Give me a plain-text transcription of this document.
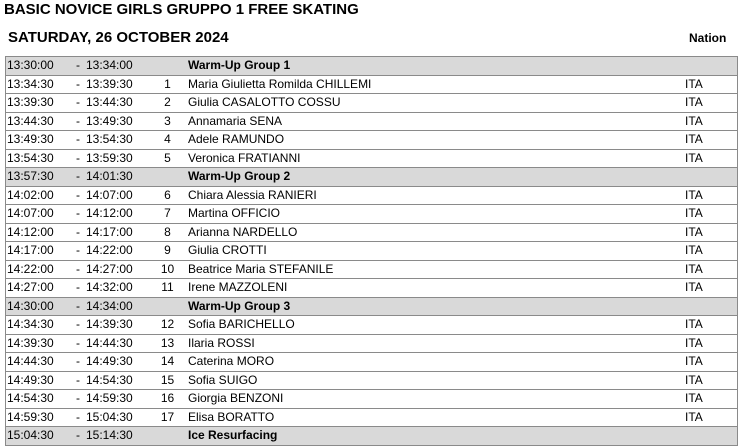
BASIC NOVICE GIRLS GRUPPO 1 FREE SKATING
SATURDAY, 26 OCTOBER 2024	Nation
13:30:00	-	13:34:00		Warm-Up Group 1	
13:34:30	-	13:39:30	1	Maria Giulietta Romilda CHILLEMI	ITA
13:39:30	-	13:44:30	2	Giulia CASALOTTO COSSU	ITA
13:44:30	-	13:49:30	3	Annamaria SENA	ITA
13:49:30	-	13:54:30	4	Adele RAMUNDO	ITA
13:54:30	-	13:59:30	5	Veronica FRATIANNI	ITA
13:57:30	-	14:01:30		Warm-Up Group 2	
14:02:00	-	14:07:00	6	Chiara Alessia RANIERI	ITA
14:07:00	-	14:12:00	7	Martina OFFICIO	ITA
14:12:00	-	14:17:00	8	Arianna NARDELLO	ITA
14:17:00	-	14:22:00	9	Giulia CROTTI	ITA
14:22:00	-	14:27:00	10	Beatrice Maria STEFANILE	ITA
14:27:00	-	14:32:00	11	Irene MAZZOLENI	ITA
14:30:00	-	14:34:00		Warm-Up Group 3	
14:34:30	-	14:39:30	12	Sofia BARICHELLO	ITA
14:39:30	-	14:44:30	13	Ilaria ROSSI	ITA
14:44:30	-	14:49:30	14	Caterina MORO	ITA
14:49:30	-	14:54:30	15	Sofia SUIGO	ITA
14:54:30	-	14:59:30	16	Giorgia BENZONI	ITA
14:59:30	-	15:04:30	17	Elisa BORATTO	ITA
15:04:30	-	15:14:30		Ice Resurfacing	
